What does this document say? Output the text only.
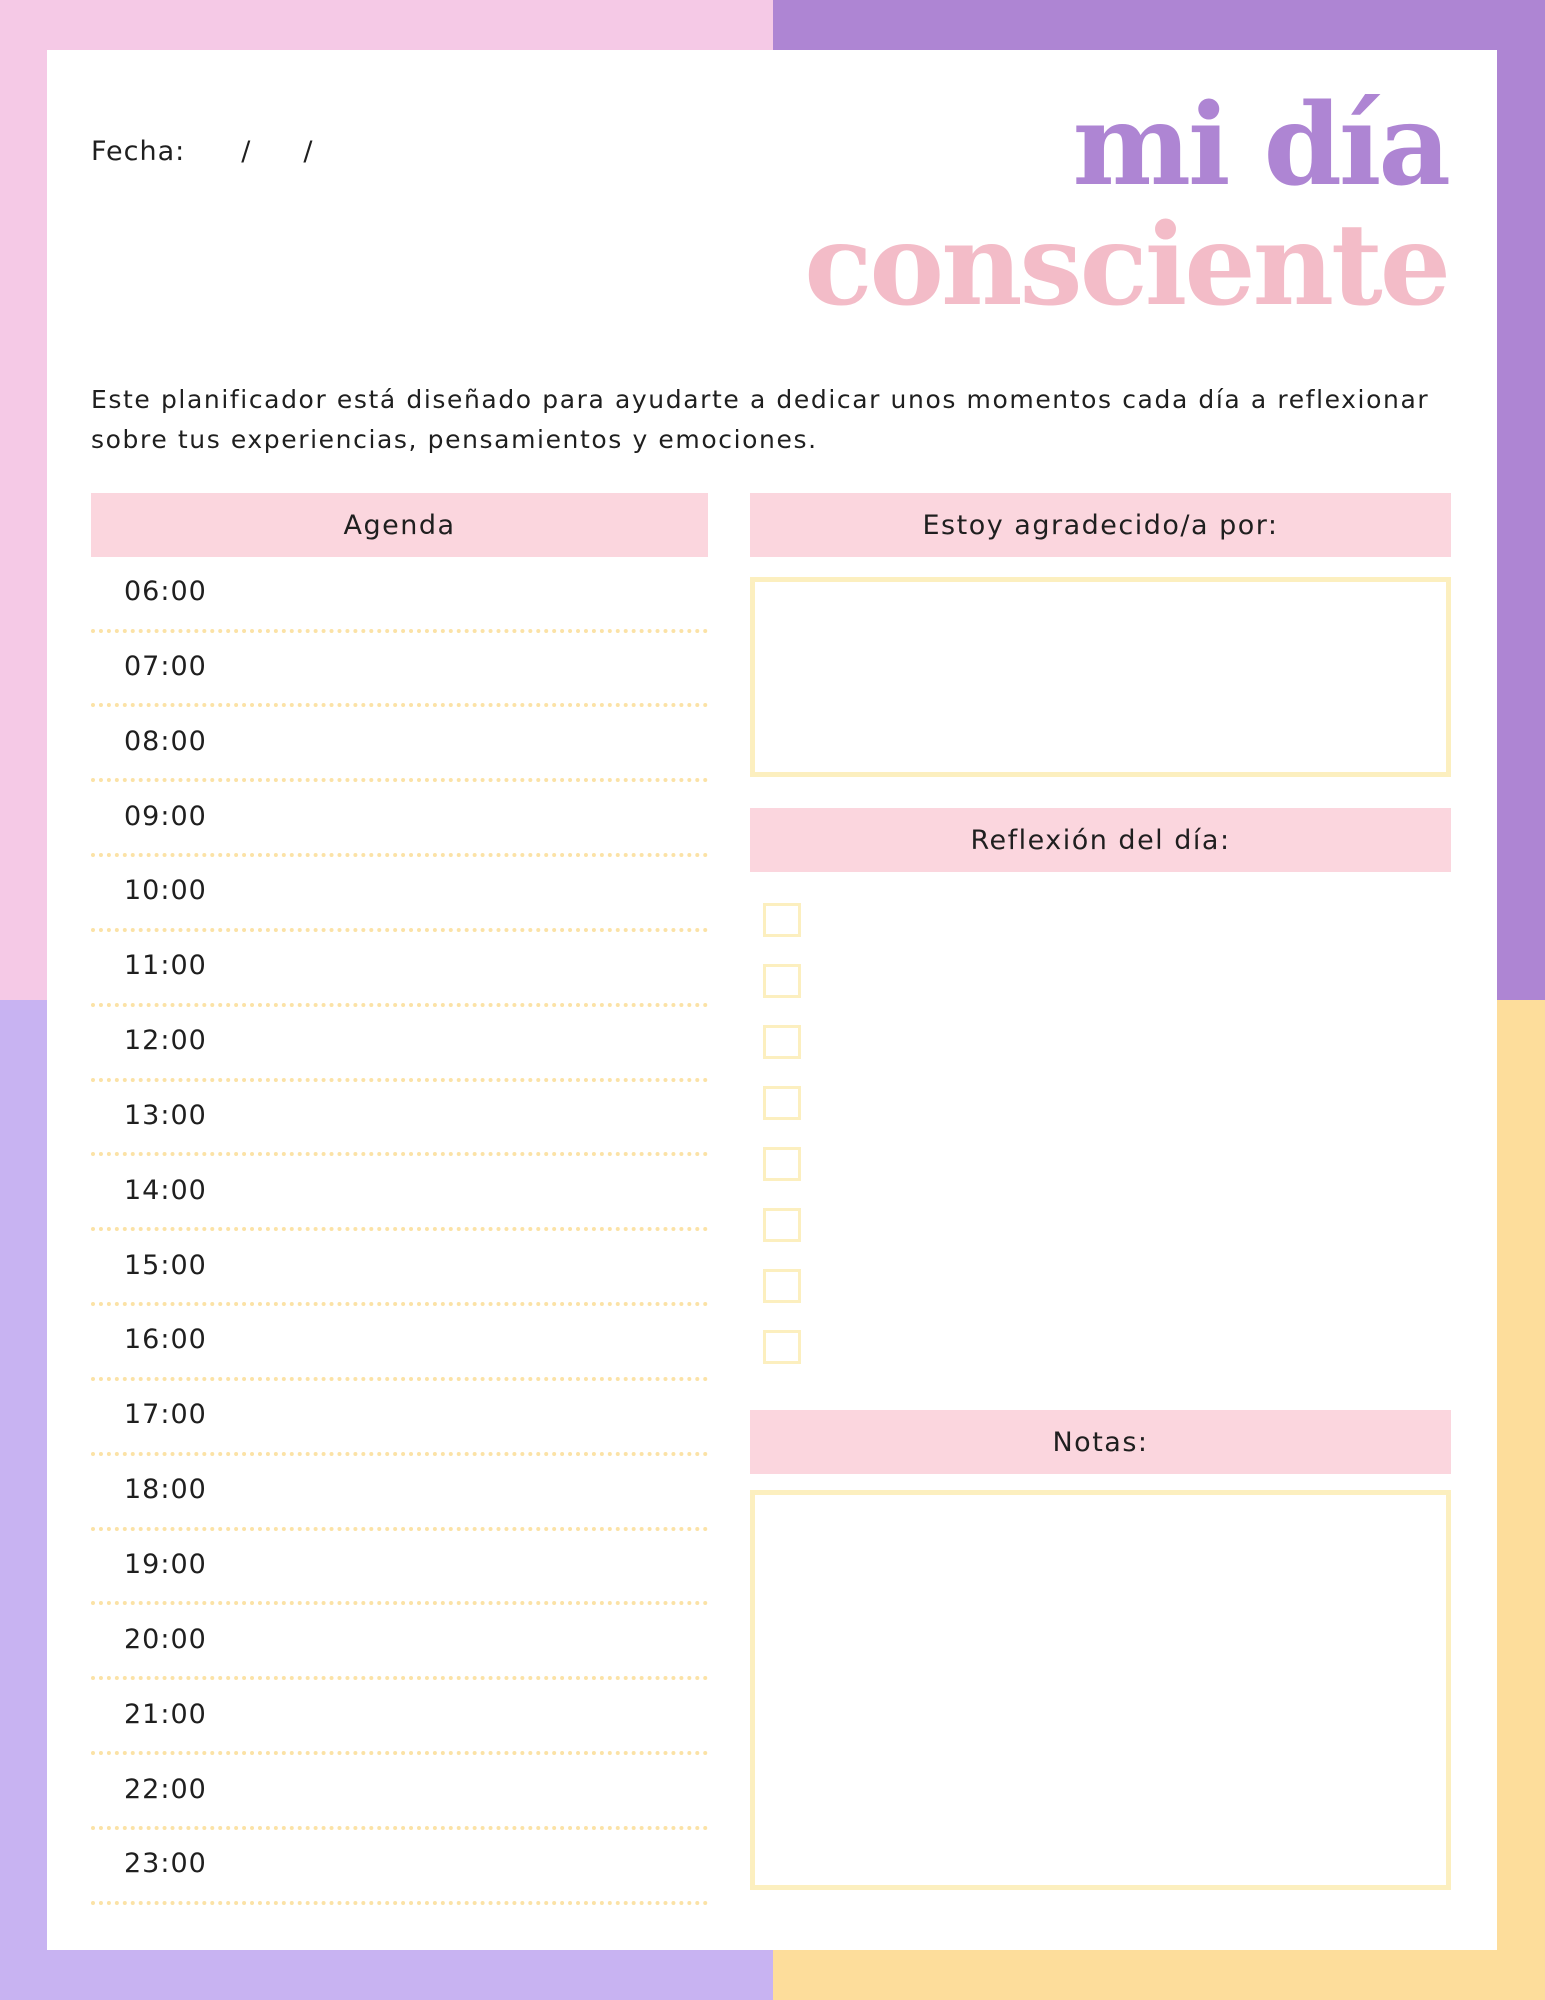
Fecha: / /	mi día
consciente

Este planificador está diseñado para ayudarte a dedicar unos momentos cada día a reflexionar sobre tus experiencias, pensamientos y emociones.

Agenda
06:00
07:00
08:00
09:00
10:00
11:00
12:00
13:00
14:00
15:00
16:00
17:00
18:00
19:00
20:00
21:00
22:00
23:00
Estoy agradecido/a por:
Reflexión del día:
Notas:
